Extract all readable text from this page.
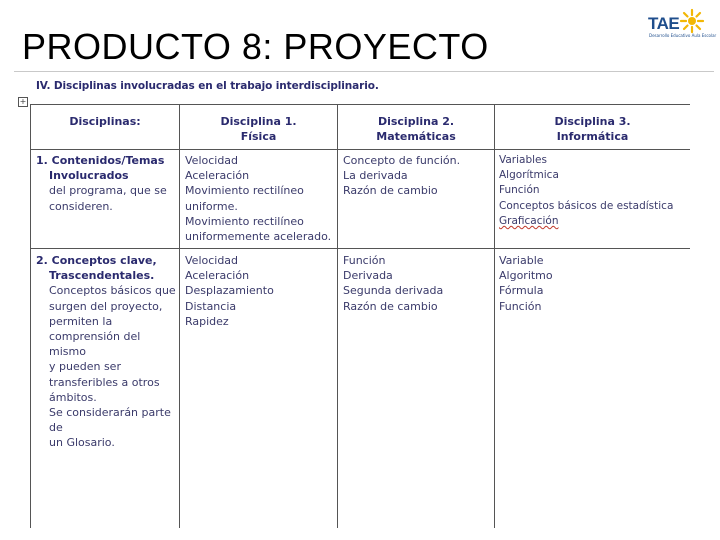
PRODUCTO 8: PROYECTO
TAE
Desarrollo Educativo Aula Escolar
IV. Disciplinas involucradas en el trabajo interdisciplinario.
+
Disciplinas:	Disciplina 1.
Física
Disciplina 2.
Matemáticas
Disciplina 3.
Informática
1. Contenidos/Temas
Involucrados
del programa, que se
consideren.
Velocidad
Aceleración
Movimiento rectilíneo
uniforme.
Movimiento rectilíneo
uniformemente acelerado.
Concepto de función.
La derivada
Razón de cambio
Variables
Algorítmica
Función
Conceptos básicos de estadística
Graficación
2. Conceptos clave,
Trascendentales.
Conceptos básicos que
surgen del proyecto,
permiten la
comprensión del mismo
y pueden ser
transferibles a otros
ámbitos.
Se considerarán parte de
un Glosario.
Velocidad
Aceleración
Desplazamiento
Distancia
Rapidez
Función
Derivada
Segunda derivada
Razón de cambio
Variable
Algoritmo
Fórmula
Función
